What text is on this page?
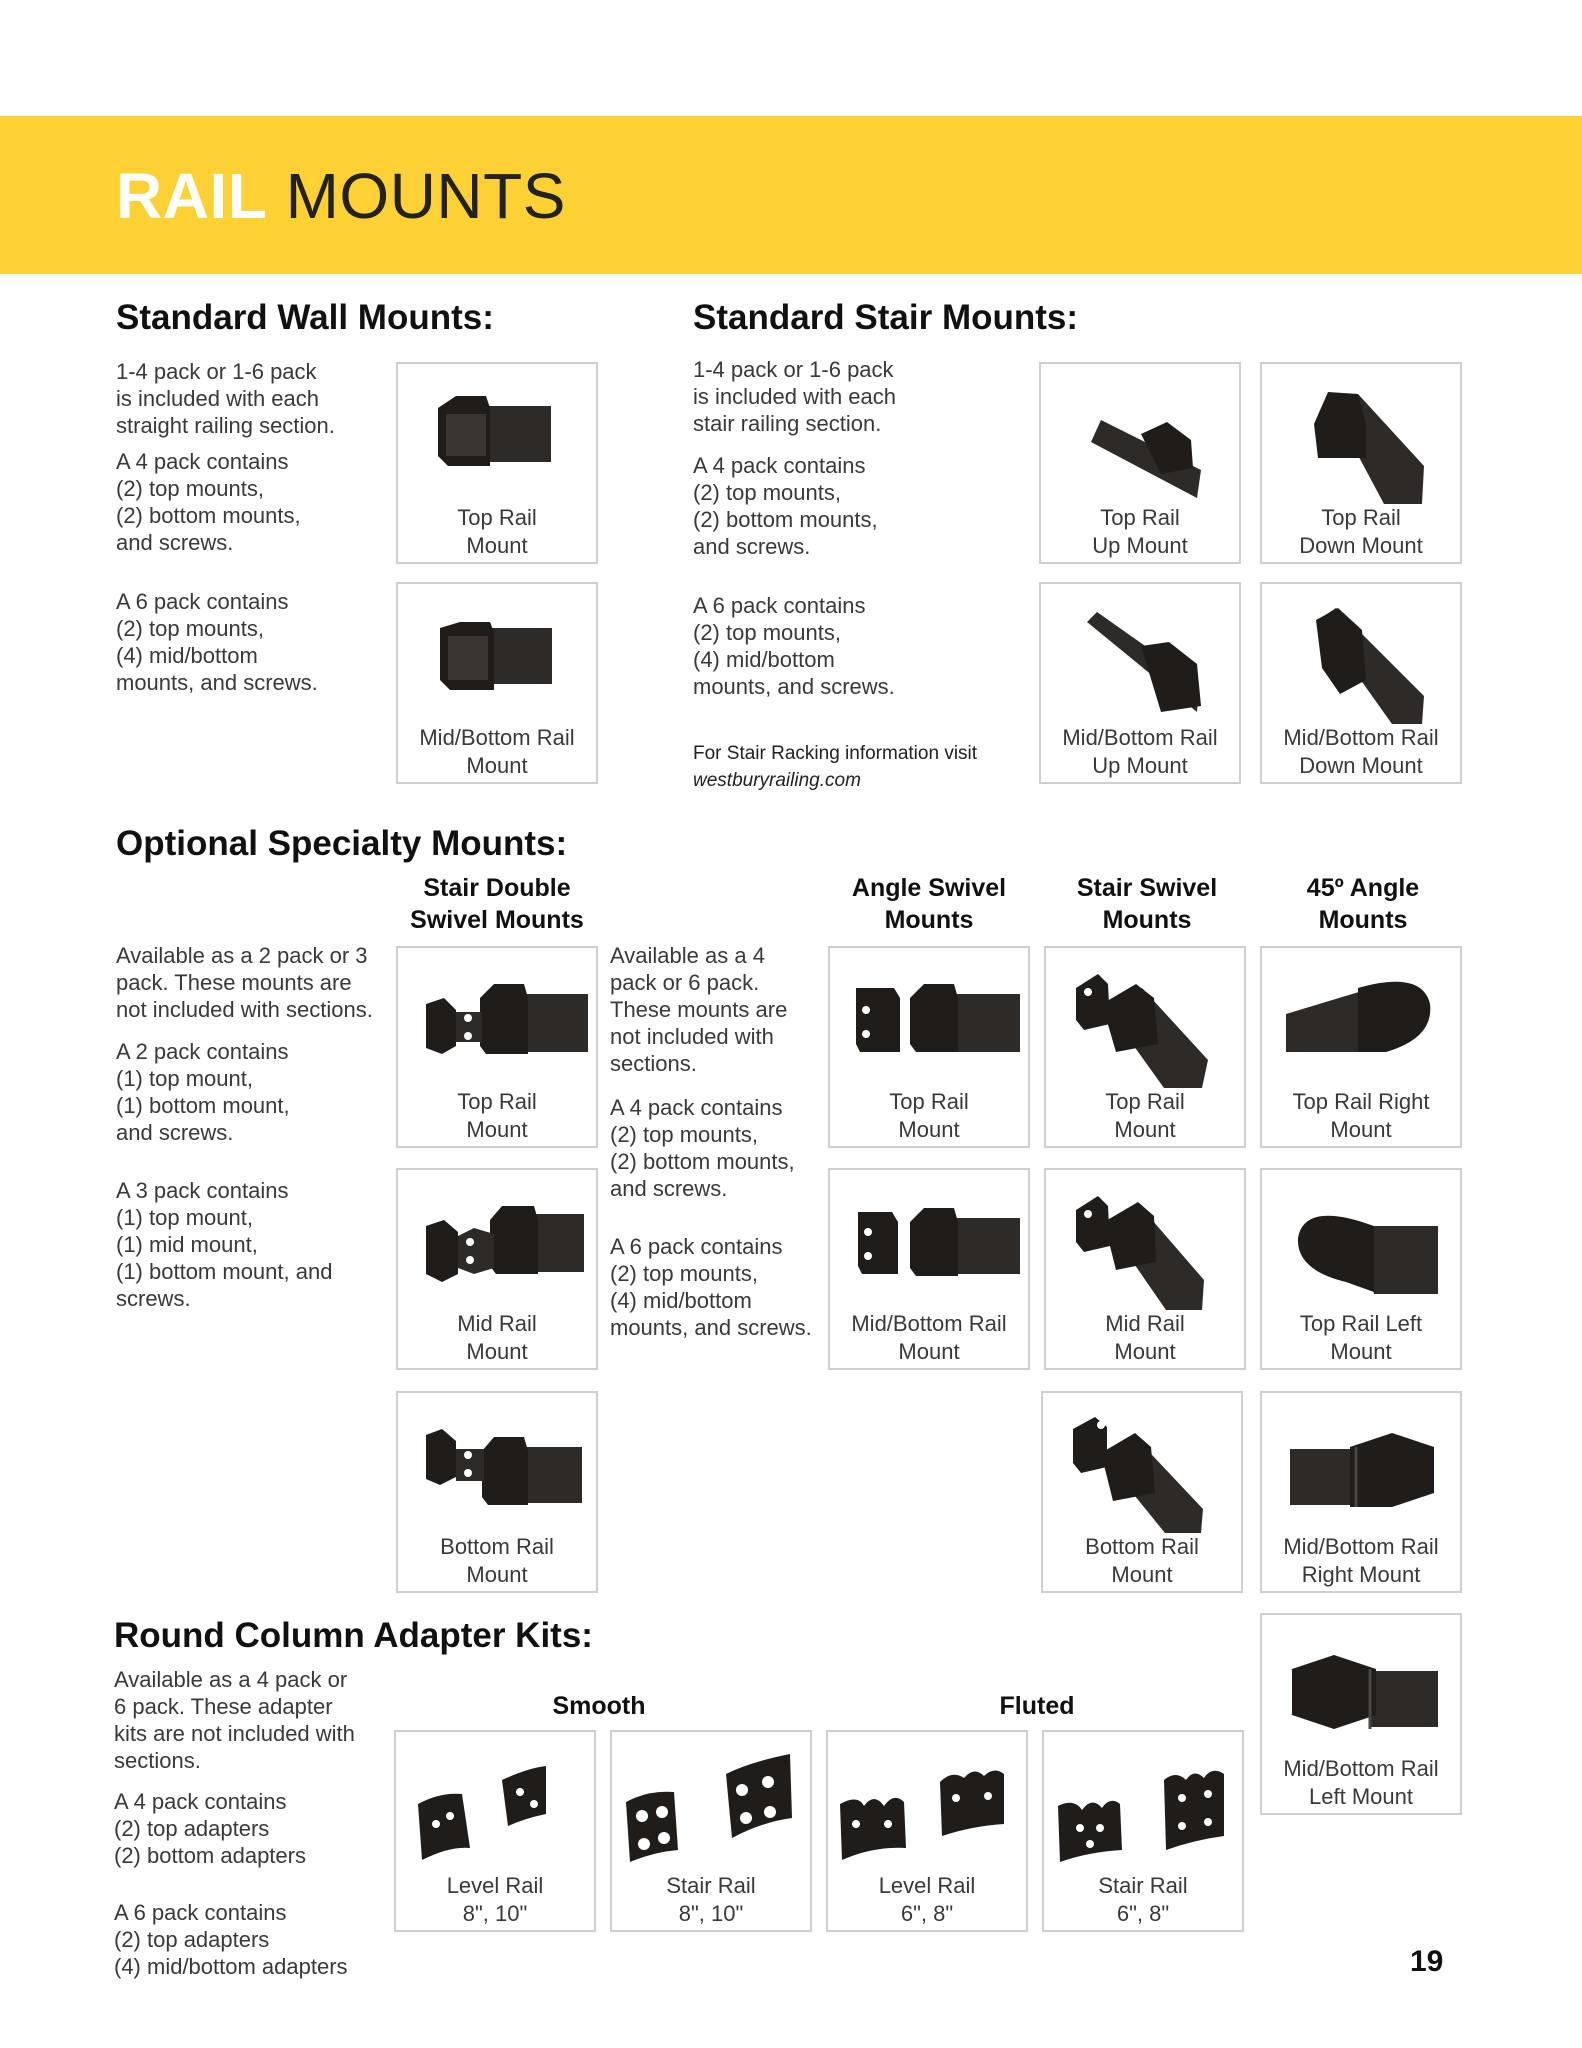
RAIL MOUNTS
Standard Wall Mounts:
1-4 pack or 1-6 pack
is included with each
straight railing section.
A 4 pack contains
(2) top mounts,
(2) bottom mounts,
and screws.
A 6 pack contains
(2) top mounts,
(4) mid/bottom
mounts, and screws.
Top Rail
Mount
Mid/Bottom Rail
Mount
Standard Stair Mounts:
1-4 pack or 1-6 pack
is included with each
stair railing section.
A 4 pack contains
(2) top mounts,
(2) bottom mounts,
and screws.
A 6 pack contains
(2) top mounts,
(4) mid/bottom
mounts, and screws.
For Stair Racking information visit
westburyrailing.com
Top Rail
Up Mount
Top Rail
Down Mount
Mid/Bottom Rail
Up Mount
Mid/Bottom Rail
Down Mount
Optional Specialty Mounts:
Stair Double
Swivel Mounts
Angle Swivel
Mounts
Stair Swivel
Mounts
45º Angle
Mounts
Available as a 2 pack or 3
pack. These mounts are
not included with sections.
A 2 pack contains
(1) top mount,
(1) bottom mount,
and screws.
A 3 pack contains
(1) top mount,
(1) mid mount,
(1) bottom mount, and
screws.
Available as a 4
pack or 6 pack.
These mounts are
not included with
sections.
A 4 pack contains
(2) top mounts,
(2) bottom mounts,
and screws.
A 6 pack contains
(2) top mounts,
(4) mid/bottom
mounts, and screws.
Top Rail
Mount
Mid Rail
Mount
Bottom Rail
Mount
Top Rail
Mount
Mid/Bottom Rail
Mount
Top Rail
Mount
Mid Rail
Mount
Bottom Rail
Mount
Top Rail Right
Mount
Top Rail Left
Mount
Mid/Bottom Rail
Right Mount
Mid/Bottom Rail
Left Mount
Round Column Adapter Kits:
Available as a 4 pack or
6 pack. These adapter
kits are not included with
sections.
A 4 pack contains
(2) top adapters
(2) bottom adapters
A 6 pack contains
(2) top adapters
(4) mid/bottom adapters
Smooth	Fluted
Level Rail
8", 10"
Stair Rail
8", 10"
Level Rail
6", 8"
Stair Rail
6", 8"
19
